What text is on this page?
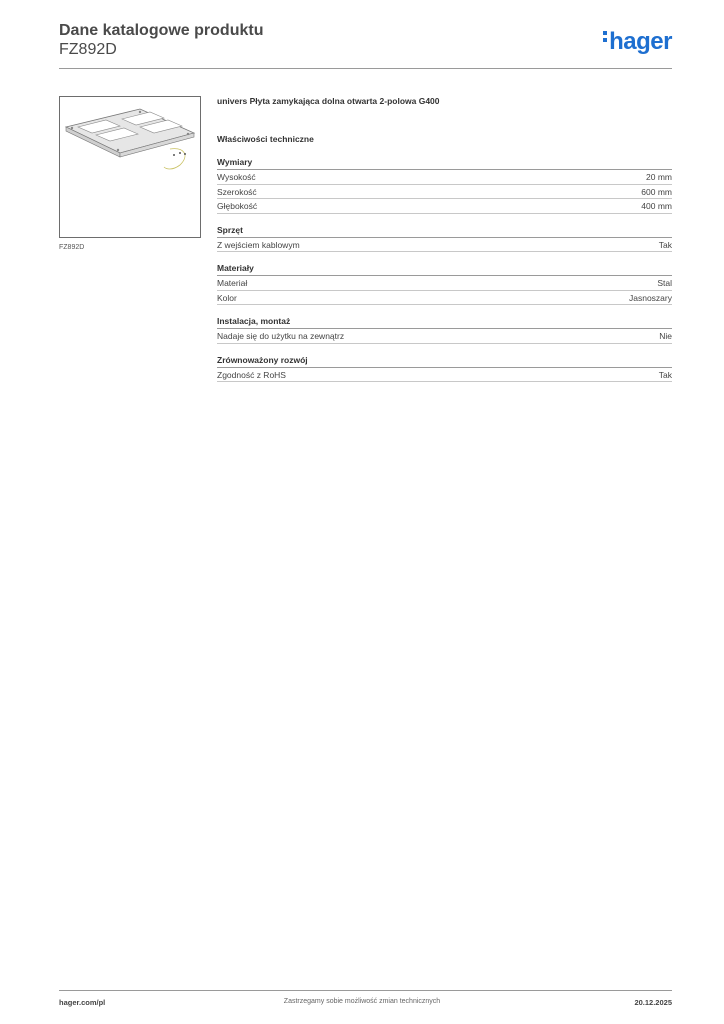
Dane katalogowe produktu
FZ892D	hager
FZ892D
univers Płyta zamykająca dolna otwarta 2-polowa G400
Właściwości techniczne
Wymiary
Wysokość	20 mm
Szerokość	600 mm
Głębokość	400 mm
Sprzęt
Z wejściem kablowym	Tak
Materiały
Materiał	Stal
Kolor	Jasnoszary
Instalacja, montaż
Nadaje się do użytku na zewnątrz	Nie
Zrównoważony rozwój
Zgodność z RoHS	Tak
hager.com/pl	Zastrzegamy sobie możliwość zmian technicznych	20.12.2025
